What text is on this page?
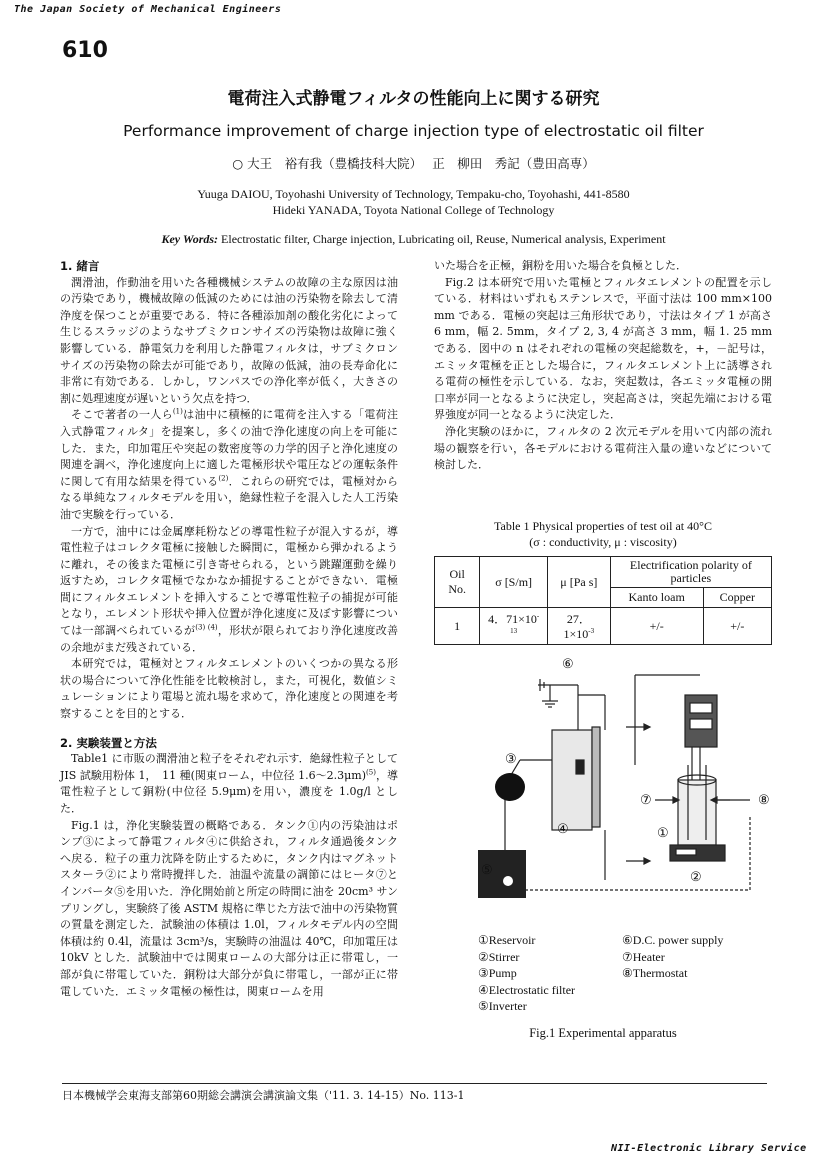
The Japan Society of Mechanical Engineers
610
電荷注入式静電フィルタの性能向上に関する研究
Performance improvement of charge injection type of electrostatic oil filter
○ 大王　裕有我（豊橋技科大院）　 正　柳田　秀記（豊田高専）
Yuuga DAIOU, Toyohashi University of Technology, Tempaku-cho, Toyohashi, 441-8580
Hideki YANADA, Toyota National College of Technology
Key Words: Electrostatic filter, Charge injection, Lubricating oil, Reuse, Numerical analysis, Experiment
1. 緒言

潤滑油，作動油を用いた各種機械システムの故障の主な原因は油の汚染であり，機械故障の低減のためには油の汚染物を除去して清浄度を保つことが重要である．特に各種添加剤の酸化劣化によって生じるスラッジのようなサブミクロンサイズの汚染物は故障に強く影響している．静電気力を利用した静電フィルタは，サブミクロンサイズの汚染物の除去が可能であり，故障の低減，油の長寿命化に非常に有効である．しかし，ワンパスでの浄化率が低く，大きさの割に処理速度が遅いという欠点を持つ．

そこで著者の一人ら$^{(1)}$は油中に積極的に電荷を注入する「電荷注入式静電フィルタ」を提案し，多くの油で浄化速度の向上を可能にした．また，印加電圧や突起の数密度等の力学的因子と浄化速度の関連を調べ，浄化速度向上に適した電極形状や電圧などの運転条件に関して有用な結果を得ている$^{(2)}$．これらの研究では，電極対からなる単純なフィルタモデルを用い，絶縁性粒子を混入した人工汚染油で実験を行っている．

一方で，油中には金属摩耗粉などの導電性粒子が混入するが，導電性粒子はコレクタ電極に接触した瞬間に，電極から弾かれるように離れ，その後また電極に引き寄せられる，という跳躍運動を繰り返すため，コレクタ電極でなかなか捕捉することができない．電極間にフィルタエレメントを挿入することで導電性粒子の捕捉が可能となり，エレメント形状や挿入位置が浄化速度に及ぼす影響については一部調べられているが$^{(3) (4)}$，形状が限られており浄化速度改善の余地がまだ残されている．

本研究では，電極対とフィルタエレメントのいくつかの異なる形状の場合について浄化性能を比較検討し，また，可視化，数値シミュレーションにより電場と流れ場を求めて，浄化速度との関連を考察することを目的とする．

2. 実験装置と方法

Table1 に市販の潤滑油と粒子をそれぞれ示す．絶縁性粒子として JIS 試験用粉体 1，　11 種(関東ローム，中位径 1.6～2.3μm)$^{(5)}$，導電性粒子として銅粉(中位径 5.9μm)を用い，濃度を 1.0g/l とした．

Fig.1 は，浄化実験装置の概略である．タンク①内の汚染油はポンプ③によって静電フィルタ④に供給され，フィルタ通過後タンクへ戻る．粒子の重力沈降を防止するために，タンク内はマグネットスターラ②により常時攪拌した．油温や流量の調節にはヒータ⑦とインバータ⑤を用いた．浄化開始前と所定の時間に油を 20cm³ サンプリングし，実験終了後 ASTM 規格に準じた方法で油中の汚染物質の質量を測定した．試験油の体積は 1.0l，フィルタモデル内の空間体積は約 0.4l，流量は 3cm³/s，実験時の油温は 40℃，印加電圧は 10kV とした．試験油中では関東ロームの大部分は正に帯電し，一部が負に帯電していた．銅粉は大部分が負に帯電し，一部が正に帯電していた．エミッタ電極の極性は，関東ロームを用

いた場合を正極，銅粉を用いた場合を負極とした．

Fig.2 は本研究で用いた電極とフィルタエレメントの配置を示している．材料はいずれもステンレスで，平面寸法は 100 mm×100 mm である．電極の突起は三角形状であり，寸法はタイプ 1 が高さ 6 mm，幅 2. 5mm，タイプ 2, 3, 4 が高さ 3 mm，幅 1. 25 mm である．図中の n はそれぞれの電極の突起総数を，+，－記号は，エミッタ電極を正とした場合に，フィルタエレメント上に誘導される電荷の極性を示している．なお，突起数は，各エミッタ電極の開口率が同一となるように決定し，突起高さは，突起先端における電界強度が同一となるように決定した．

浄化実験のほかに，フィルタの 2 次元モデルを用いて内部の流れ場の観察を行い，各モデルにおける電荷注入量の違いなどについて検討した．

Table 1 Physical properties of test oil at 40°C
(σ : conductivity, μ : viscosity)
Oil No.	σ [S/m]	μ [Pa s]	Electrification polarity of particles	
			Kanto loam	Copper
1	4．$71\times 10^{-13}$	27．$1\times 10^{-3}$	+/-	+/-
⑥
③
⑦	⑧
④	①
⑤	②
①Reservoir
②Stirrer
③Pump
④Electrostatic filter
⑤Inverter
⑥D.C. power supply
⑦Heater
⑧Thermostat
Fig.1 Experimental apparatus
日本機械学会東海支部第60期総会講演会講演論文集（'11. 3. 14-15）No. 113-1
NII-Electronic Library Service
